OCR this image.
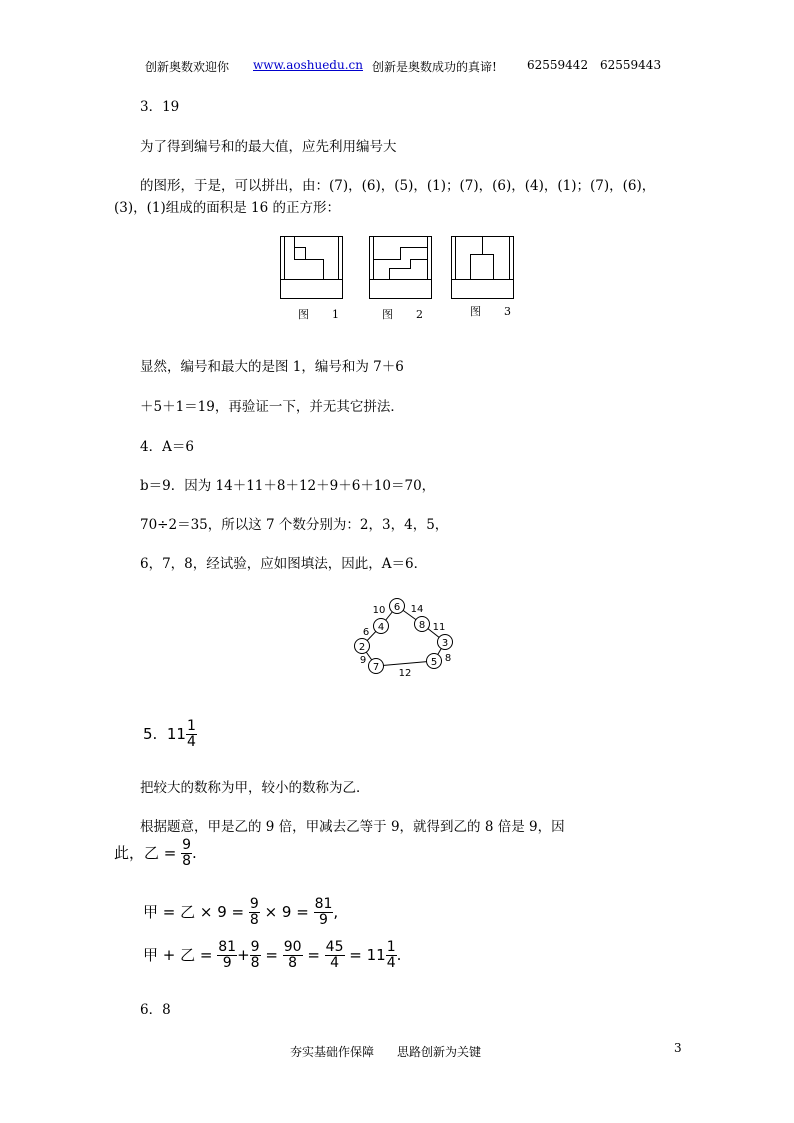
创新奥数欢迎你 www.aoshuedu.cn 创新是奥数成功的真谛!	62559442 62559443
3．19
为了得到编号和的最大值，应先利用编号大
的图形，于是，可以拼出，由：(7)，(6)，(5)，(1)；(7)，(6)，(4)，(1)；(7)，(6)，
(3)，(1)组成的面积是 16 的正方形：
图　1	图　2	图　3
显然，编号和最大的是图 1，编号和为 7＋6
＋5＋1＝19，再验证一下，并无其它拼法．
4．A＝6
b＝9．因为 14＋11＋8＋12＋9＋6＋10＝70，
70÷2＝35，所以这 7 个数分别为：2，3，4，5，
6，7，8，经试验，应如图填法，因此，A＝6．
6
4	8
2	3
7	5
10	14
6	11
9	8
12
5. $11 \frac{1}{4}$
把较大的数称为甲，较小的数称为乙．
根据题意，甲是乙的 9 倍，甲减去乙等于 9，就得到乙的 8 倍是 9，因
此，乙 = $\frac{9}{8}$ .
甲 = 乙 × $9 = \frac{9}{8} \times 9 = \frac{81}{9}$ ,
甲 + 乙 = $\frac{81}{9} + \frac{9}{8} = \frac{90}{8} = \frac{45}{4} = 11 \frac{1}{4}$ .
6．8
夯实基础作保障 思路创新为关键	3
